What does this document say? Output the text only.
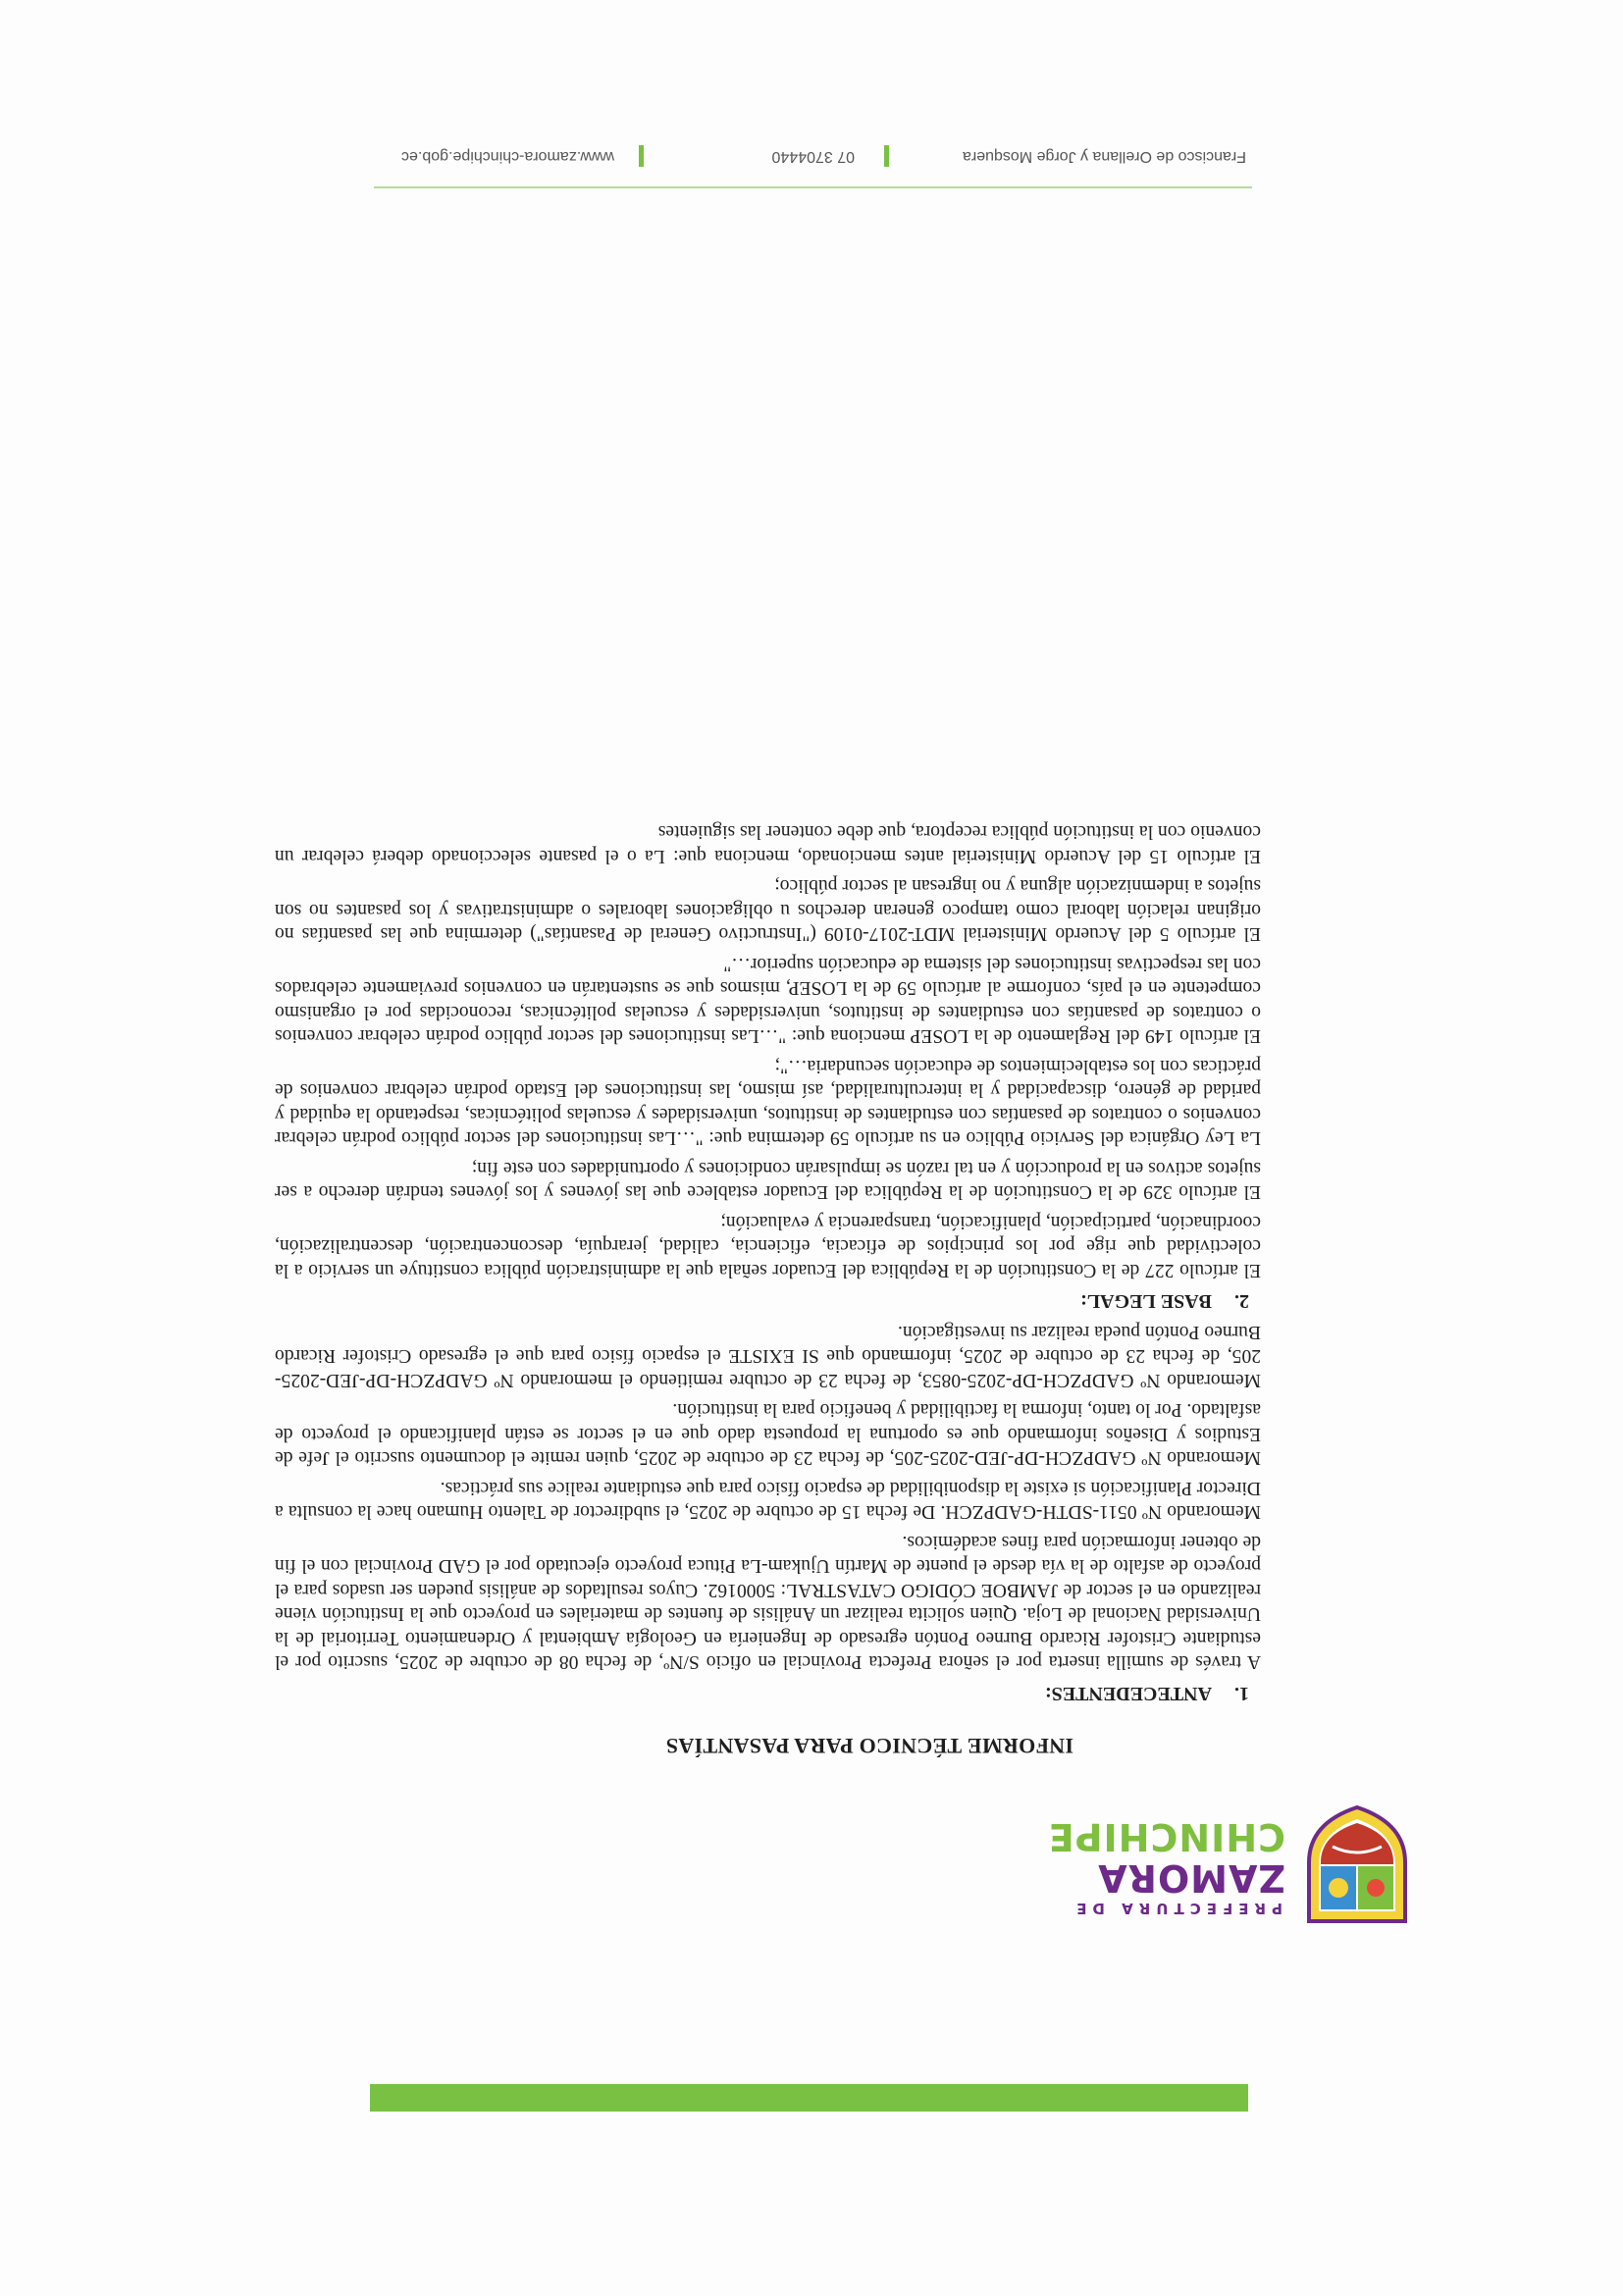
PREFECTURA DE
ZAMORA
CHINCHIPE
INFORME TÉCNICO PARA PASANTÍAS
1.ANTECEDENTES:

A través de sumilla inserta por el señora Prefecta Provincial en oficio S/Nº, de fecha 08 de octubre de 2025, suscrito por el estudiante Cristofer Ricardo Burneo Pontón egresado de Ingeniería en Geología Ambiental y Ordenamiento Territorial de la Universidad Nacional de Loja. Quien solicita realizar un Análisis de fuentes de materiales en proyecto que la Institución viene realizando en el sector de JAMBOE CÓDIGO CATASTRAL: 5000162. Cuyos resultados de análisis pueden ser usados para el proyecto de asfalto de la vía desde el puente de Martín Ujukam-La Pituca proyecto ejecutado por el GAD Provincial con el fin de obtener información para fines académicos.

Memorando Nº 0511-SDTH-GADPZCH. De fecha 15 de octubre de 2025, el subdirector de Talento Humano hace la consulta a Director Planificación si existe la disponibilidad de espacio físico para que estudiante realice sus prácticas.

Memorando Nº GADPZCH-DP-JED-2025-205, de fecha 23 de octubre de 2025, quien remite el documento suscrito el Jefe de Estudios y Diseños informando que es oportuna la propuesta dado que en el sector se están planificando el proyecto de asfaltado. Por lo tanto, informa la factibilidad y beneficio para la institución.

Memorando Nº GADPZCH-DP-2025-0853, de fecha 23 de octubre remitiendo el memorando Nº GADPZCH-DP-JED-2025-205, de fecha 23 de octubre de 2025, informando que SI EXISTE el espacio físico para que el egresado Cristofer Ricardo Burneo Pontón pueda realizar su investigación.

2.BASE LEGAL:

El artículo 227 de la Constitución de la República del Ecuador señala que la administración pública constituye un servicio a la colectividad que rige por los principios de eficacia, eficiencia, calidad, jerarquía, desconcentración, descentralización, coordinación, participación, planificación, transparencia y evaluación;

El artículo 329 de la Constitución de la República del Ecuador establece que las jóvenes y los jóvenes tendrán derecho a ser sujetos activos en la producción y en tal razón se impulsarán condiciones y oportunidades con este fin;

La Ley Orgánica del Servicio Público en su artículo 59 determina que: "…Las instituciones del sector público podrán celebrar convenios o contratos de pasantías con estudiantes de institutos, universidades y escuelas politécnicas, respetando la equidad y paridad de género, discapacidad y la interculturalidad, así mismo, las instituciones del Estado podrán celebrar convenios de prácticas con los establecimientos de educación secundaria…";

El artículo 149 del Reglamento de la LOSEP menciona que: "…Las instituciones del sector público podrán celebrar convenios o contratos de pasantías con estudiantes de institutos, universidades y escuelas politécnicas, reconocidas por el organismo competente en el país, conforme al artículo 59 de la LOSEP, mismos que se sustentarán en convenios previamente celebrados con las respectivas instituciones del sistema de educación superior…"

El artículo 5 del Acuerdo Ministerial MDT-2017-0109 ("Instructivo General de Pasantías") determina que las pasantías no originan relación laboral como tampoco generan derechos u obligaciones laborales o administrativas y los pasantes no son sujetos a indemnización alguna y no ingresan al sector público;

El artículo 15 del Acuerdo Ministerial antes mencionado, menciona que: La o el pasante seleccionado deberá celebrar un convenio con la institución pública receptora, que debe contener las siguientes

Francisco de Orellana y Jorge Mosquera
07 3704440
www.zamora-chinchipe.gob.ec
